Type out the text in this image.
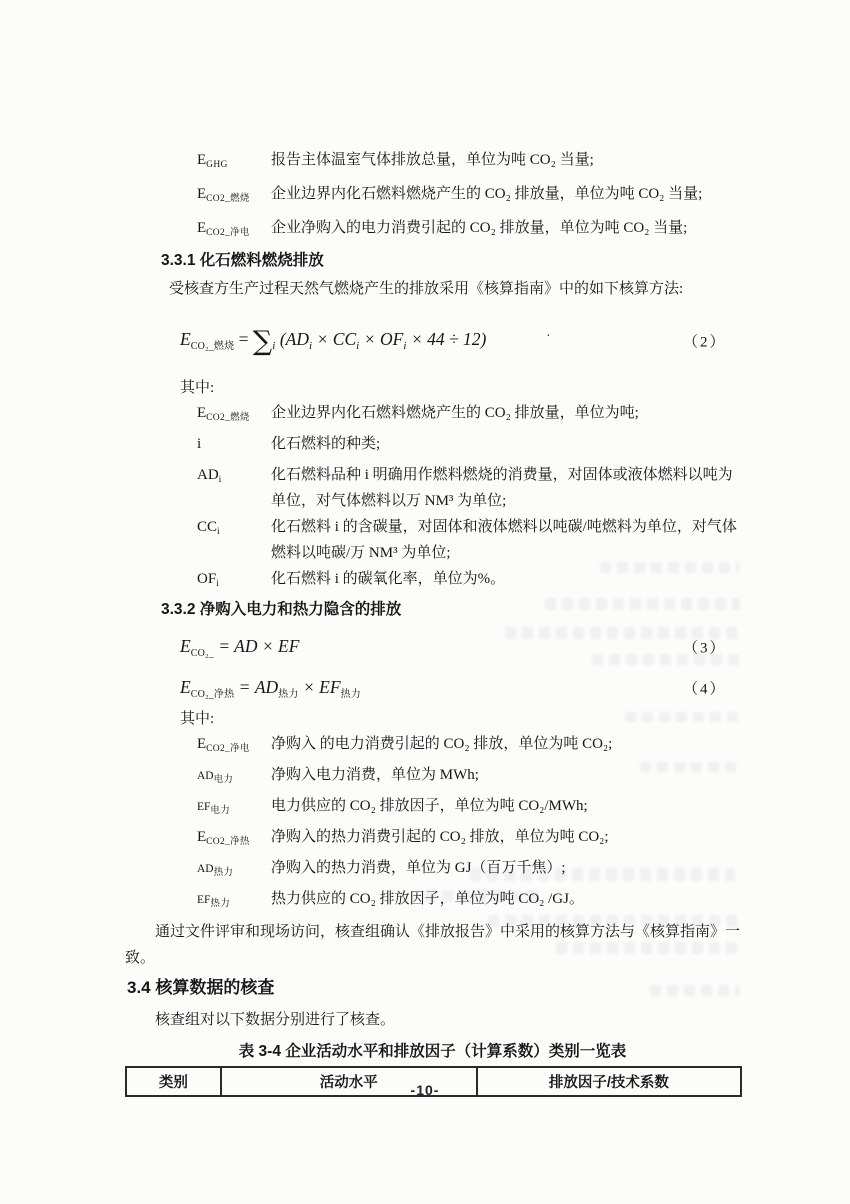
$E_{GHG}$	报告主体温室气体排放总量，单位为吨 CO₂ 当量;
$E_{CO2\_燃烧}$	企业边界内化石燃料燃烧产生的 CO₂ 排放量，单位为吨 CO₂ 当量;
$E_{CO2\_净电}$	企业净购入的电力消费引起的 CO₂ 排放量，单位为吨 CO₂ 当量;
3.3.1 化石燃料燃烧排放

受核查方生产过程天然气燃烧产生的排放采用《核算指南》中的如下核算方法:

$E_{CO_2\_燃烧} = \sum_i$ $(AD_i \times CC_i \times OF_i \times 44 \div 12)$	·	（2）

其中:

$E_{CO2\_燃烧}$	企业边界内化石燃料燃烧产生的 CO₂ 排放量，单位为吨;
i	化石燃料的种类;
$AD_i$	化石燃料品种 i 明确用作燃料燃烧的消费量，对固体或液体燃料以吨为单位，对气体燃料以万 NM³ 为单位;
$CC_i$	化石燃料 i 的含碳量，对固体和液体燃料以吨碳/吨燃料为单位，对气体燃料以吨碳/万 NM³ 为单位;
$OF_i$	化石燃料 i 的碳氧化率，单位为%。
3.3.2 净购入电力和热力隐含的排放
$E_{CO_2\_}$ = AD × EF	（3）
$E_{CO_2\_净热} = AD_{热力} \times EF_{热力}$	（4）

其中:

$E_{CO2\_净电}$	净购入 的电力消费引起的 CO₂ 排放，单位为吨 CO₂;
$AD_{电力}$	净购入电力消费，单位为 MWh;
$EF_{电力}$	电力供应的 CO₂ 排放因子，单位为吨 CO₂/MWh;
$E_{CO2\_净热}$	净购入的热力消费引起的 CO₂ 排放，单位为吨 CO₂;
$AD_{热力}$	净购入的热力消费，单位为 GJ（百万千焦）;
$EF_{热力}$	热力供应的 CO₂ 排放因子，单位为吨 CO₂ /GJ。

通过文件评审和现场访问，核查组确认《排放报告》中采用的核算方法与《核算指南》一致。

3.4 核算数据的核查

核查组对以下数据分别进行了核查。

表 3-4 企业活动水平和排放因子（计算系数）类别一览表
类别	活动水平	排放因子/技术系数
-10-
